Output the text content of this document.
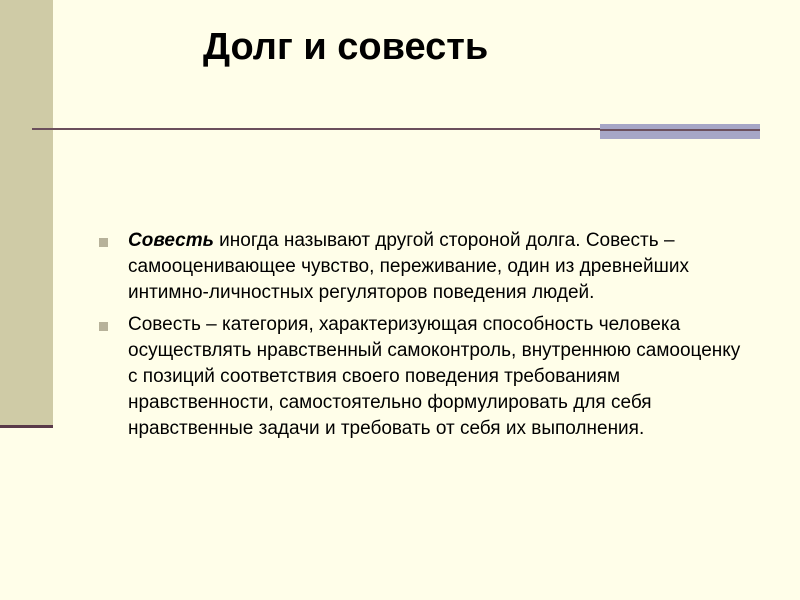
Долг и совесть
Совесть иногда называют другой стороной долга. Совесть – самооценивающее чувство, переживание, один из древнейших интимно-личностных регуляторов поведения людей.
Совесть – категория, характеризующая способность человека осуществлять нравственный самоконтроль, внутреннюю самооценку с позиций соответствия своего поведения требованиям нравственности, самостоятельно формулировать для себя нравственные задачи и требовать от себя их выполнения.
